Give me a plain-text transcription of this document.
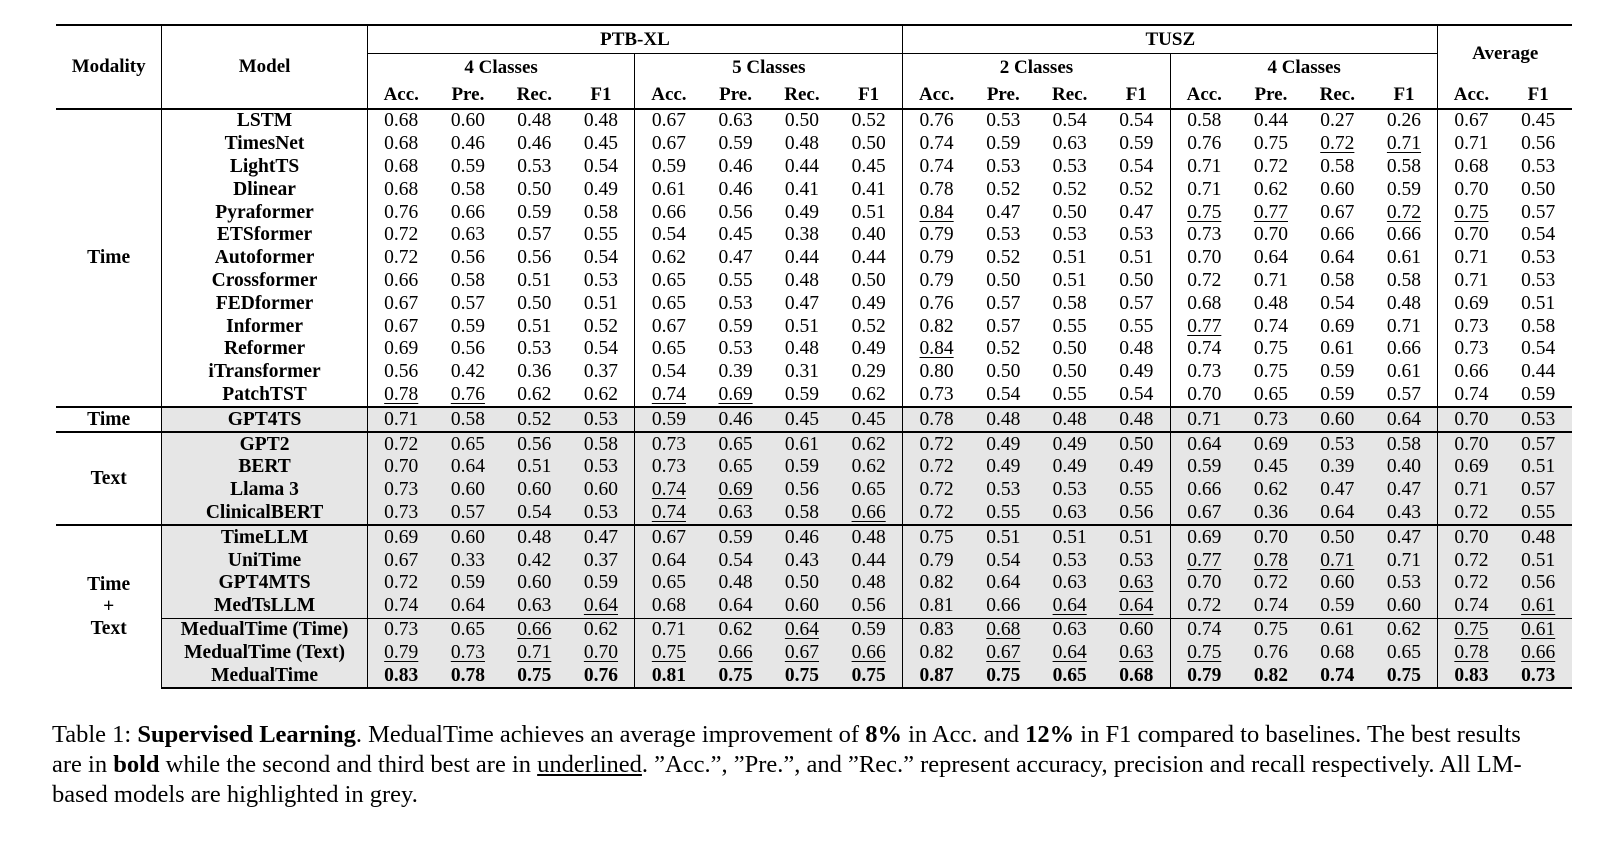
Modality	Model	PTB-XL								TUSZ								Average	
		4 Classes				5 Classes				2 Classes				4 Classes					
		Acc.	Pre.	Rec.	F1	Acc.	Pre.	Rec.	F1	Acc.	Pre.	Rec.	F1	Acc.	Pre.	Rec.	F1	Acc.	F1

Time	LSTM	0.68	0.60	0.48	0.48	0.67	0.63	0.50	0.52	0.76	0.53	0.54	0.54	0.58	0.44	0.27	0.26	0.67	0.45
	TimesNet	0.68	0.46	0.46	0.45	0.67	0.59	0.48	0.50	0.74	0.59	0.63	0.59	0.76	0.75	0.72	0.71	0.71	0.56
	LightTS	0.68	0.59	0.53	0.54	0.59	0.46	0.44	0.45	0.74	0.53	0.53	0.54	0.71	0.72	0.58	0.58	0.68	0.53
	Dlinear	0.68	0.58	0.50	0.49	0.61	0.46	0.41	0.41	0.78	0.52	0.52	0.52	0.71	0.62	0.60	0.59	0.70	0.50
	Pyraformer	0.76	0.66	0.59	0.58	0.66	0.56	0.49	0.51	0.84	0.47	0.50	0.47	0.75	0.77	0.67	0.72	0.75	0.57
	ETSformer	0.72	0.63	0.57	0.55	0.54	0.45	0.38	0.40	0.79	0.53	0.53	0.53	0.73	0.70	0.66	0.66	0.70	0.54
	Autoformer	0.72	0.56	0.56	0.54	0.62	0.47	0.44	0.44	0.79	0.52	0.51	0.51	0.70	0.64	0.64	0.61	0.71	0.53
	Crossformer	0.66	0.58	0.51	0.53	0.65	0.55	0.48	0.50	0.79	0.50	0.51	0.50	0.72	0.71	0.58	0.58	0.71	0.53
	FEDformer	0.67	0.57	0.50	0.51	0.65	0.53	0.47	0.49	0.76	0.57	0.58	0.57	0.68	0.48	0.54	0.48	0.69	0.51
	Informer	0.67	0.59	0.51	0.52	0.67	0.59	0.51	0.52	0.82	0.57	0.55	0.55	0.77	0.74	0.69	0.71	0.73	0.58
	Reformer	0.69	0.56	0.53	0.54	0.65	0.53	0.48	0.49	0.84	0.52	0.50	0.48	0.74	0.75	0.61	0.66	0.73	0.54
	iTransformer	0.56	0.42	0.36	0.37	0.54	0.39	0.31	0.29	0.80	0.50	0.50	0.49	0.73	0.75	0.59	0.61	0.66	0.44
	PatchTST	0.78	0.76	0.62	0.62	0.74	0.69	0.59	0.62	0.73	0.54	0.55	0.54	0.70	0.65	0.59	0.57	0.74	0.59

Time	GPT4TS	0.71	0.58	0.52	0.53	0.59	0.46	0.45	0.45	0.78	0.48	0.48	0.48	0.71	0.73	0.60	0.64	0.70	0.53

Text	GPT2	0.72	0.65	0.56	0.58	0.73	0.65	0.61	0.62	0.72	0.49	0.49	0.50	0.64	0.69	0.53	0.58	0.70	0.57
	BERT	0.70	0.64	0.51	0.53	0.73	0.65	0.59	0.62	0.72	0.49	0.49	0.49	0.59	0.45	0.39	0.40	0.69	0.51
	Llama 3	0.73	0.60	0.60	0.60	0.74	0.69	0.56	0.65	0.72	0.53	0.53	0.55	0.66	0.62	0.47	0.47	0.71	0.57
	ClinicalBERT	0.73	0.57	0.54	0.53	0.74	0.63	0.58	0.66	0.72	0.55	0.63	0.56	0.67	0.36	0.64	0.43	0.72	0.55

Time
+
Text	TimeLLM	0.69	0.60	0.48	0.47	0.67	0.59	0.46	0.48	0.75	0.51	0.51	0.51	0.69	0.70	0.50	0.47	0.70	0.48
	UniTime	0.67	0.33	0.42	0.37	0.64	0.54	0.43	0.44	0.79	0.54	0.53	0.53	0.77	0.78	0.71	0.71	0.72	0.51
	GPT4MTS	0.72	0.59	0.60	0.59	0.65	0.48	0.50	0.48	0.82	0.64	0.63	0.63	0.70	0.72	0.60	0.53	0.72	0.56
	MedTsLLM	0.74	0.64	0.63	0.64	0.68	0.64	0.60	0.56	0.81	0.66	0.64	0.64	0.72	0.74	0.59	0.60	0.74	0.61
	MedualTime (Time)	0.73	0.65	0.66	0.62	0.71	0.62	0.64	0.59	0.83	0.68	0.63	0.60	0.74	0.75	0.61	0.62	0.75	0.61
	MedualTime (Text)	0.79	0.73	0.71	0.70	0.75	0.66	0.67	0.66	0.82	0.67	0.64	0.63	0.75	0.76	0.68	0.65	0.78	0.66
	MedualTime	0.83	0.78	0.75	0.76	0.81	0.75	0.75	0.75	0.87	0.75	0.65	0.68	0.79	0.82	0.74	0.75	0.83	0.73
Table 1: Supervised Learning. MedualTime achieves an average improvement of 8% in Acc. and 12% in F1 compared to baselines. The best results are in bold while the second and third best are in underlined. ”Acc.”, ”Pre.”, and ”Rec.” represent accuracy, precision and recall respectively. All LM-based models are highlighted in grey.
